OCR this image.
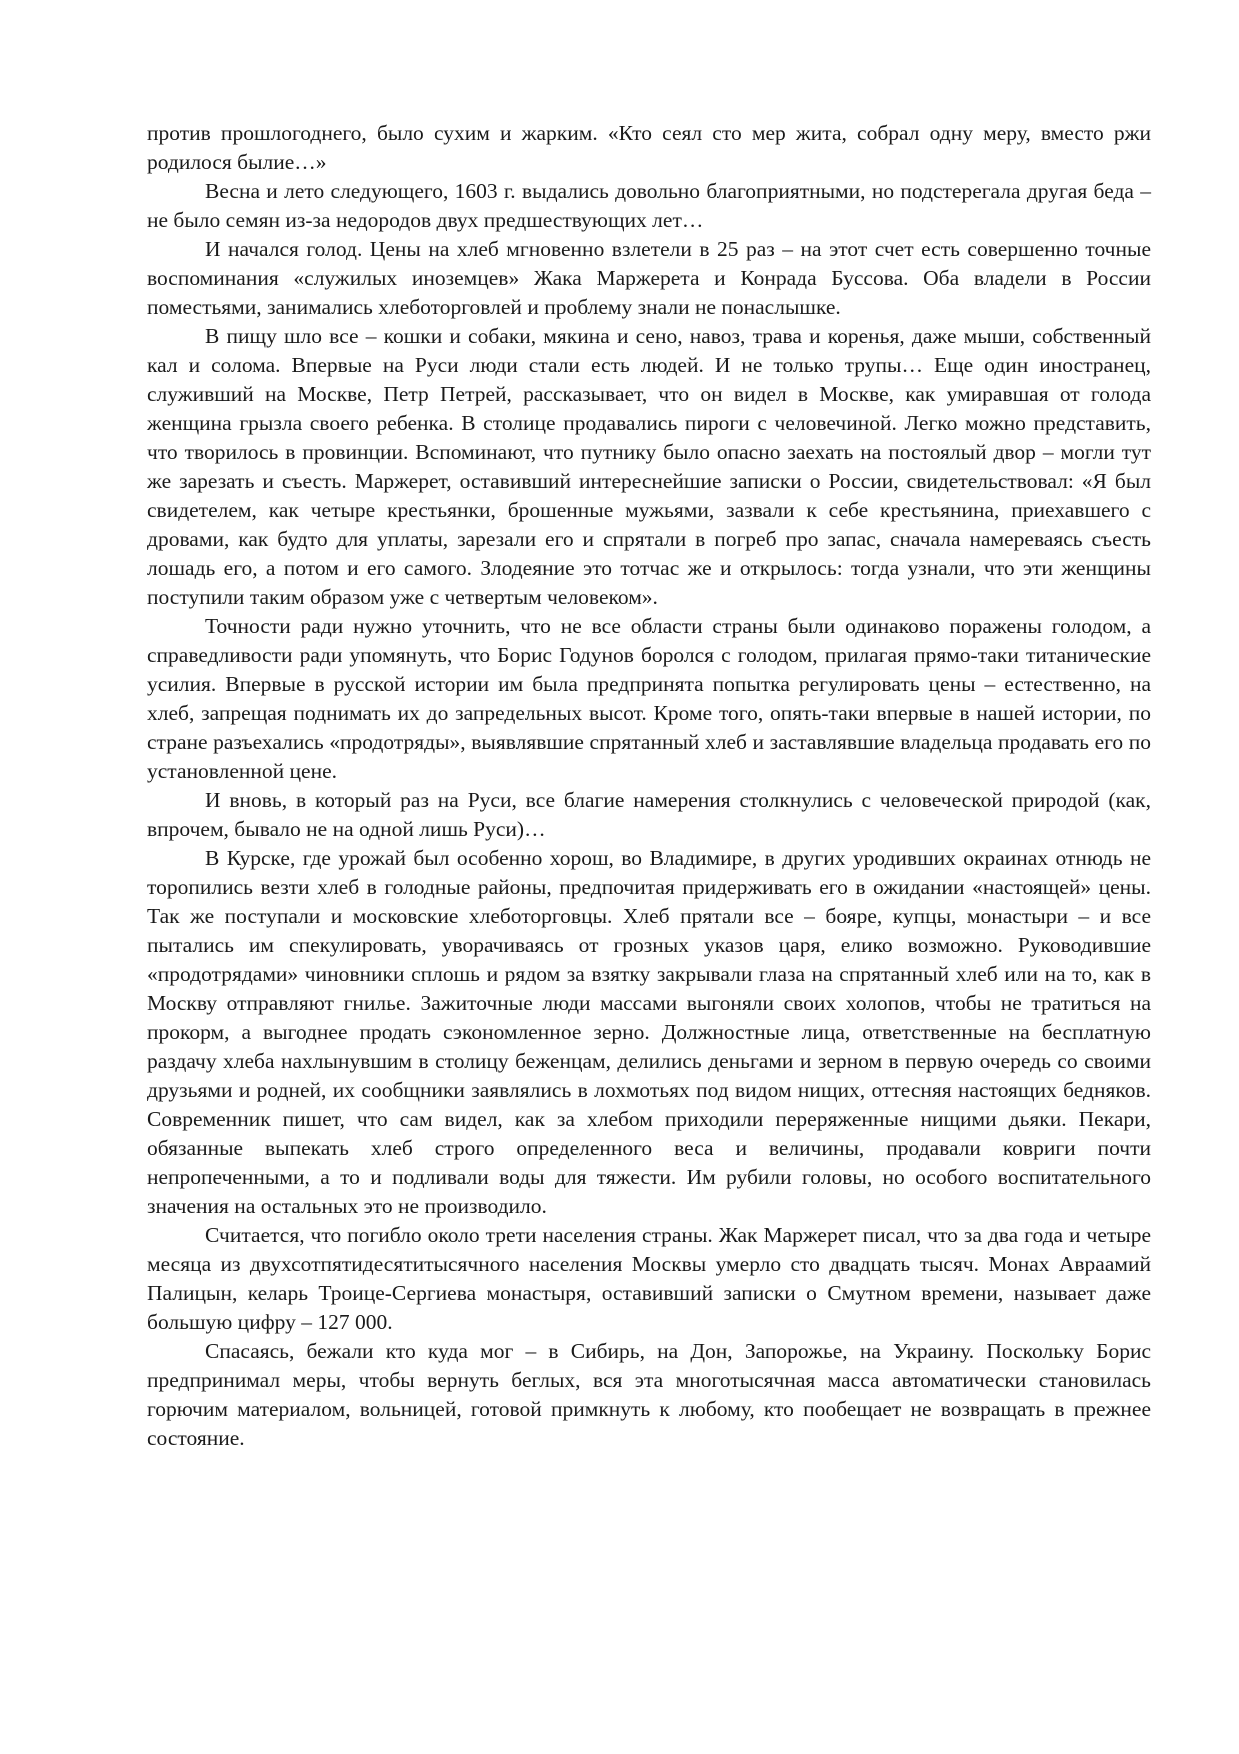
против прошлогоднего, было сухим и жарким. «Кто сеял сто мер жита, собрал одну меру, вместо ржи родилося былие…»

Весна и лето следующего, 1603 г. выдались довольно благоприятными, но подстерегала другая беда – не было семян из-за недородов двух предшествующих лет…

И начался голод. Цены на хлеб мгновенно взлетели в 25 раз – на этот счет есть совершенно точные воспоминания «служилых иноземцев» Жака Маржерета и Конрада Буссова. Оба владели в России поместьями, занимались хлеботорговлей и проблему знали не понаслышке.

В пищу шло все – кошки и собаки, мякина и сено, навоз, трава и коренья, даже мыши, собственный кал и солома. Впервые на Руси люди стали есть людей. И не только трупы… Еще один иностранец, служивший на Москве, Петр Петрей, рассказывает, что он видел в Москве, как умиравшая от голода женщина грызла своего ребенка. В столице продавались пироги с человечиной. Легко можно представить, что творилось в провинции. Вспоминают, что путнику было опасно заехать на постоялый двор – могли тут же зарезать и съесть. Маржерет, оставивший интереснейшие записки о России, свидетельствовал: «Я был свидетелем, как четыре крестьянки, брошенные мужьями, зазвали к себе крестьянина, приехавшего с дровами, как будто для уплаты, зарезали его и спрятали в погреб про запас, сначала намереваясь съесть лошадь его, а потом и его самого. Злодеяние это тотчас же и открылось: тогда узнали, что эти женщины поступили таким образом уже с четвертым человеком».

Точности ради нужно уточнить, что не все области страны были одинаково поражены голодом, а справедливости ради упомянуть, что Борис Годунов боролся с голодом, прилагая прямо-таки титанические усилия. Впервые в русской истории им была предпринята попытка регулировать цены – естественно, на хлеб, запрещая поднимать их до запредельных высот. Кроме того, опять-таки впервые в нашей истории, по стране разъехались «продотряды», выявлявшие спрятанный хлеб и заставлявшие владельца продавать его по установленной цене.

И вновь, в который раз на Руси, все благие намерения столкнулись с человеческой природой (как, впрочем, бывало не на одной лишь Руси)…

В Курске, где урожай был особенно хорош, во Владимире, в других уродивших окраинах отнюдь не торопились везти хлеб в голодные районы, предпочитая придерживать его в ожидании «настоящей» цены. Так же поступали и московские хлеботорговцы. Хлеб прятали все – бояре, купцы, монастыри – и все пытались им спекулировать, уворачиваясь от грозных указов царя, елико возможно. Руководившие «продотрядами» чиновники сплошь и рядом за взятку закрывали глаза на спрятанный хлеб или на то, как в Москву отправляют гнилье. Зажиточные люди массами выгоняли своих холопов, чтобы не тратиться на прокорм, а выгоднее продать сэкономленное зерно. Должностные лица, ответственные на бесплатную раздачу хлеба нахлынувшим в столицу беженцам, делились деньгами и зерном в первую очередь со своими друзьями и родней, их сообщники заявлялись в лохмотьях под видом нищих, оттесняя настоящих бедняков. Современник пишет, что сам видел, как за хлебом приходили переряженные нищими дьяки. Пекари, обязанные выпекать хлеб строго определенного веса и величины, продавали ковриги почти непропеченными, а то и подливали воды для тяжести. Им рубили головы, но особого воспитательного значения на остальных это не производило.

Считается, что погибло около трети населения страны. Жак Маржерет писал, что за два года и четыре месяца из двухсотпятидесятитысячного населения Москвы умерло сто двадцать тысяч. Монах Авраамий Палицын, келарь Троице-Сергиева монастыря, оставивший записки о Смутном времени, называет даже большую цифру – 127 000.

Спасаясь, бежали кто куда мог – в Сибирь, на Дон, Запорожье, на Украину. Поскольку Борис предпринимал меры, чтобы вернуть беглых, вся эта многотысячная масса автоматически становилась горючим материалом, вольницей, готовой примкнуть к любому, кто пообещает не возвращать в прежнее состояние.
